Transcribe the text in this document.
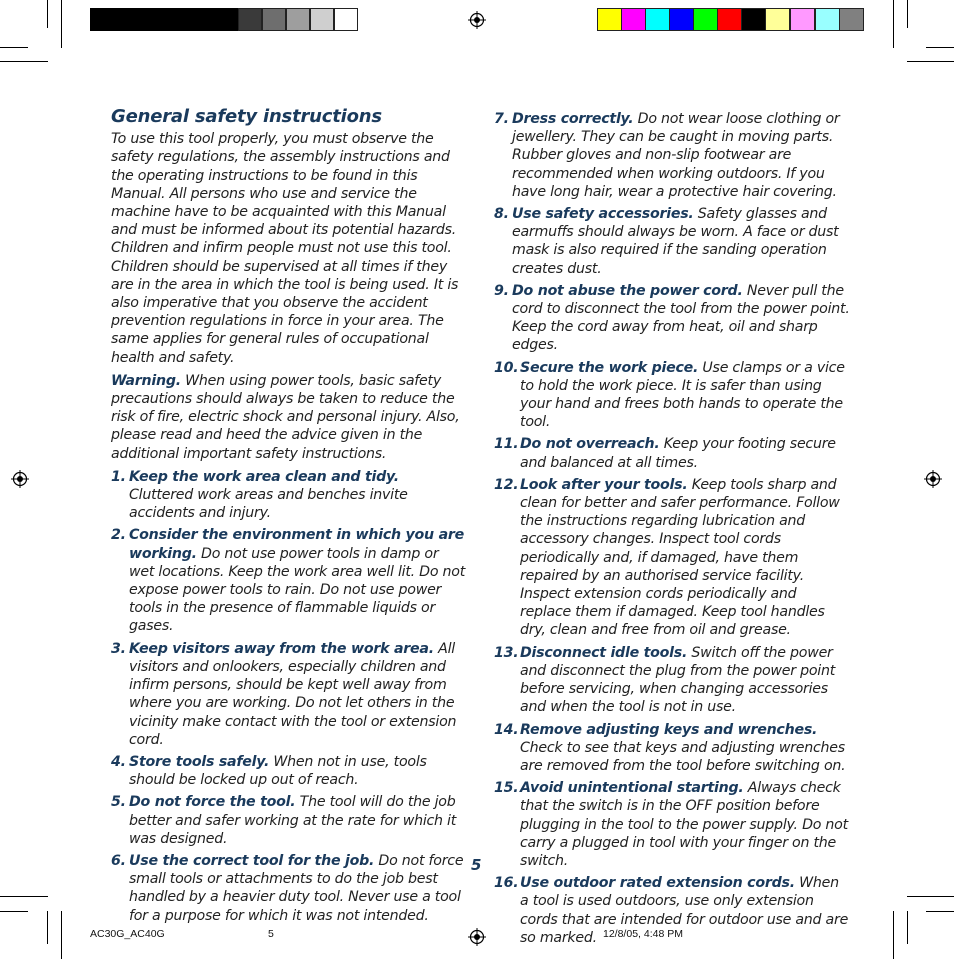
General safety instructions

To use this tool properly, you must observe the safety regulations, the assembly instructions and the operating instructions to be found in this Manual. All persons who use and service the machine have to be acquainted with this Manual and must be informed about its potential hazards. Children and infirm people must not use this tool. Children should be supervised at all times if they are in the area in which the tool is being used. It is also imperative that you observe the accident prevention regulations in force in your area. The same applies for general rules of occupational health and safety.

Warning. When using power tools, basic safety precautions should always be taken to reduce the risk of fire, electric shock and personal injury. Also, please read and heed the advice given in the additional important safety instructions.

1. Keep the work area clean and tidy. Cluttered work areas and benches invite accidents and injury.
2. Consider the environment in which you are working. Do not use power tools in damp or wet locations. Keep the work area well lit. Do not expose power tools to rain. Do not use power tools in the presence of flammable liquids or gases.
3. Keep visitors away from the work area. All visitors and onlookers, especially children and infirm persons, should be kept well away from where you are working. Do not let others in the vicinity make contact with the tool or extension cord.
4. Store tools safely. When not in use, tools should be locked up out of reach.
5. Do not force the tool. The tool will do the job better and safer working at the rate for which it was designed.
6. Use the correct tool for the job. Do not force small tools or attachments to do the job best handled by a heavier duty tool. Never use a tool for a purpose for which it was not intended.
7. Dress correctly. Do not wear loose clothing or jewellery. They can be caught in moving parts. Rubber gloves and non-slip footwear are recommended when working outdoors. If you have long hair, wear a protective hair covering.
8. Use safety accessories. Safety glasses and earmuffs should always be worn. A face or dust mask is also required if the sanding operation creates dust.
9. Do not abuse the power cord. Never pull the cord to disconnect the tool from the power point. Keep the cord away from heat, oil and sharp edges.
10. Secure the work piece. Use clamps or a vice to hold the work piece. It is safer than using your hand and frees both hands to operate the tool.
11. Do not overreach. Keep your footing secure and balanced at all times.
12. Look after your tools. Keep tools sharp and clean for better and safer performance. Follow the instructions regarding lubrication and accessory changes. Inspect tool cords periodically and, if damaged, have them repaired by an authorised service facility. Inspect extension cords periodically and replace them if damaged. Keep tool handles dry, clean and free from oil and grease.
13. Disconnect idle tools. Switch off the power and disconnect the plug from the power point before servicing, when changing accessories and when the tool is not in use.
14. Remove adjusting keys and wrenches. Check to see that keys and adjusting wrenches are removed from the tool before switching on.
15. Avoid unintentional starting. Always check that the switch is in the OFF position before plugging in the tool to the power supply. Do not carry a plugged in tool with your finger on the switch.
16. Use outdoor rated extension cords. When a tool is used outdoors, use only extension cords that are intended for outdoor use and are so marked.
5
AC30G_AC40G	5	12/8/05, 4:48 PM
